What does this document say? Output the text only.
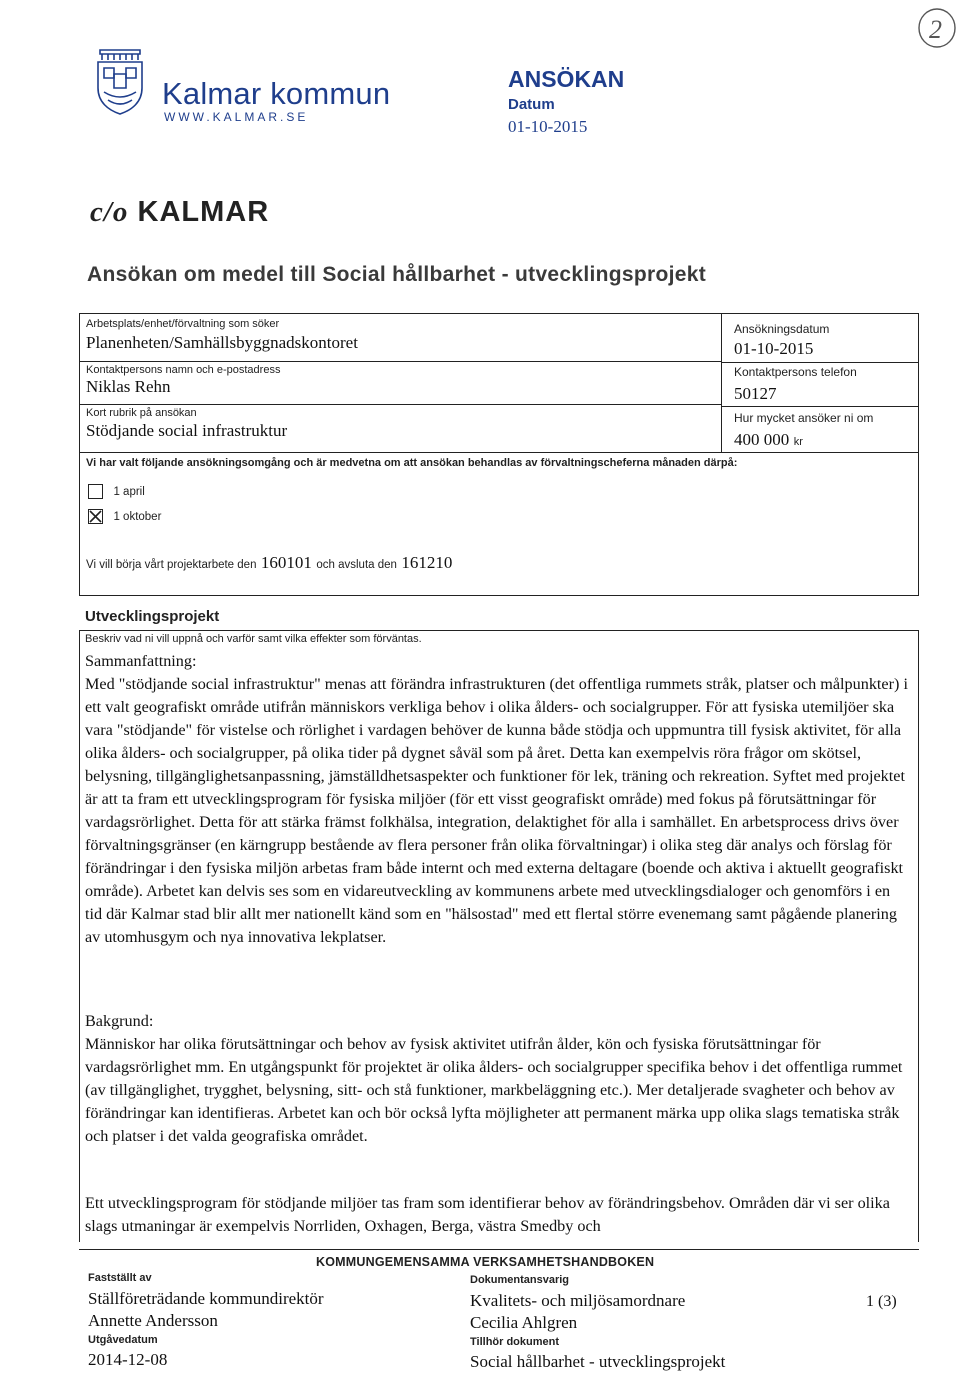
Kalmar kommun
WWW.KALMAR.SE
ANSÖKAN
Datum
01-10-2015
2
c/o KALMAR
Ansökan om medel till Social hållbarhet - utvecklingsprojekt
Arbetsplats/enhet/förvaltning som söker
Planenheten/Samhällsbyggnadskontoret
Kontaktpersons namn och e-postadress
Niklas Rehn
Kort rubrik på ansökan
Stödjande social infrastruktur
Ansökningsdatum
01-10-2015
Kontaktpersons telefon
50127
Hur mycket ansöker ni om
400 000 kr
Vi har valt följande ansökningsomgång och är medvetna om att ansökan behandlas av förvaltningscheferna månaden därpå:
1 april
1 oktober
Vi vill börja vårt projektarbete den 160101 och avsluta den 161210
Utvecklingsprojekt
Beskriv vad ni vill uppnå och varför samt vilka effekter som förväntas.

Sammanfattning:

Med "stödjande social infrastruktur" menas att förändra infrastrukturen (det offentliga rummets stråk, platser och målpunkter) i ett valt geografiskt område utifrån människors verkliga behov i olika ålders- och socialgrupper. För att fysiska utemiljöer ska vara "stödjande" för vistelse och rörlighet i vardagen behöver de kunna både stödja och uppmuntra till fysisk aktivitet, för alla olika ålders- och socialgrupper, på olika tider på dygnet såväl som på året. Detta kan exempelvis röra frågor om skötsel, belysning, tillgänglighetsanpassning, jämställdhetsaspekter och funktioner för lek, träning och rekreation. Syftet med projektet är att ta fram ett utvecklingsprogram för fysiska miljöer (för ett visst geografiskt område) med fokus på förutsättningar för vardagsrörlighet. Detta för att stärka främst folkhälsa, integration, delaktighet för alla i samhället. En arbetsprocess drivs över förvaltningsgränser (en kärngrupp bestående av flera personer från olika förvaltningar) i olika steg där analys och förslag för förändringar i den fysiska miljön arbetas fram både internt och med externa deltagare (boende och aktiva i aktuellt geografiskt område). Arbetet kan delvis ses som en vidareutveckling av kommunens arbete med utvecklingsdialoger och genomförs i en tid där Kalmar stad blir allt mer nationellt känd som en "hälsostad" med ett flertal större evenemang samt pågående planering av utomhusgym och nya innovativa lekplatser.

Bakgrund:

Människor har olika förutsättningar och behov av fysisk aktivitet utifrån ålder, kön och fysiska förutsättningar för vardagsrörlighet mm. En utgångspunkt för projektet är olika ålders- och socialgrupper specifika behov i det offentliga rummet (av tillgänglighet, trygghet, belysning, sitt- och stå funktioner, markbeläggning etc.). Mer detaljerade svagheter och behov av förändringar kan identifieras. Arbetet kan och bör också lyfta möjligheter att permanent märka upp olika slags tematiska stråk och platser i det valda geografiska området.

Ett utvecklingsprogram för stödjande miljöer tas fram som identifierar behov av förändringsbehov. Områden där vi ser olika slags utmaningar är exempelvis Norrliden, Oxhagen, Berga, västra Smedby och

KOMMUNGEMENSAMMA VERKSAMHETSHANDBOKEN
Fastställt av
Ställföreträdande kommundirektör
Annette Andersson
Utgåvedatum
2014-12-08
Dokumentansvarig
Kvalitets- och miljösamordnare
Cecilia Ahlgren
Tillhör dokument
Social hållbarhet - utvecklingsprojekt
1 (3)
